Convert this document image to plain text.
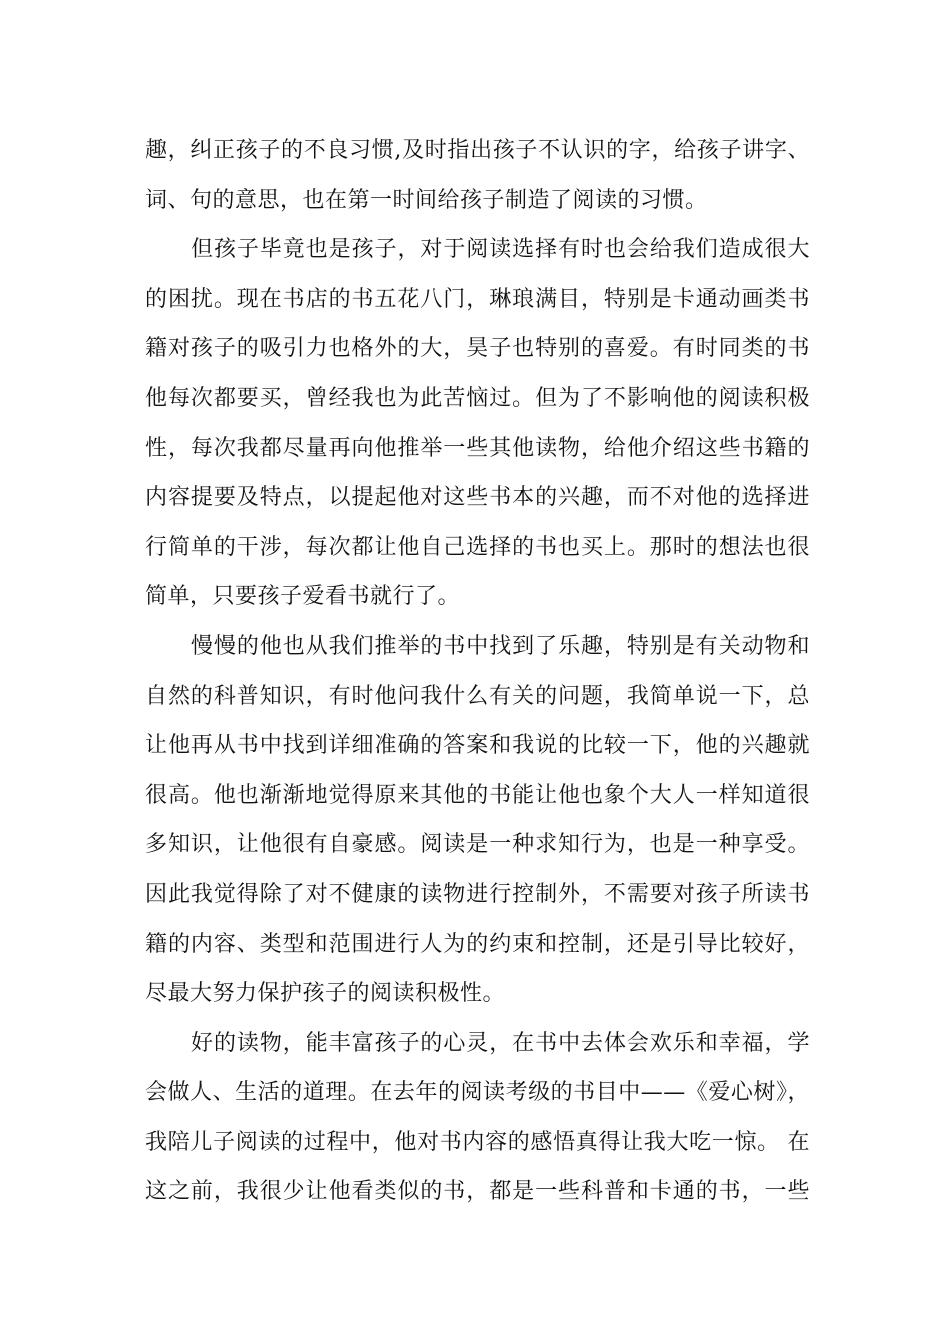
趣，纠正孩子的不良习惯,及时指出孩子不认识的字，给孩子讲字、
词、句的意思，也在第一时间给孩子制造了阅读的习惯。
但孩子毕竟也是孩子，对于阅读选择有时也会给我们造成很大
的困扰。现在书店的书五花八门，琳琅满目，特别是卡通动画类书
籍对孩子的吸引力也格外的大，昊子也特别的喜爱。有时同类的书
他每次都要买，曾经我也为此苦恼过。但为了不影响他的阅读积极
性，每次我都尽量再向他推举一些其他读物，给他介绍这些书籍的
内容提要及特点，以提起他对这些书本的兴趣，而不对他的选择进
行简单的干涉，每次都让他自己选择的书也买上。那时的想法也很
简单，只要孩子爱看书就行了。
慢慢的他也从我们推举的书中找到了乐趣，特别是有关动物和
自然的科普知识，有时他问我什么有关的问题，我简单说一下，总
让他再从书中找到详细准确的答案和我说的比较一下，他的兴趣就
很高。他也渐渐地觉得原来其他的书能让他也象个大人一样知道很
多知识，让他很有自豪感。阅读是一种求知行为，也是一种享受。
因此我觉得除了对不健康的读物进行控制外，不需要对孩子所读书
籍的内容、类型和范围进行人为的约束和控制，还是引导比较好，
尽最大努力保护孩子的阅读积极性。
好的读物，能丰富孩子的心灵，在书中去体会欢乐和幸福，学
会做人、生活的道理。在去年的阅读考级的书目中——《爱心树》，
我陪儿子阅读的过程中，他对书内容的感悟真得让我大吃一惊。 在
这之前，我很少让他看类似的书，都是一些科普和卡通的书，一些
